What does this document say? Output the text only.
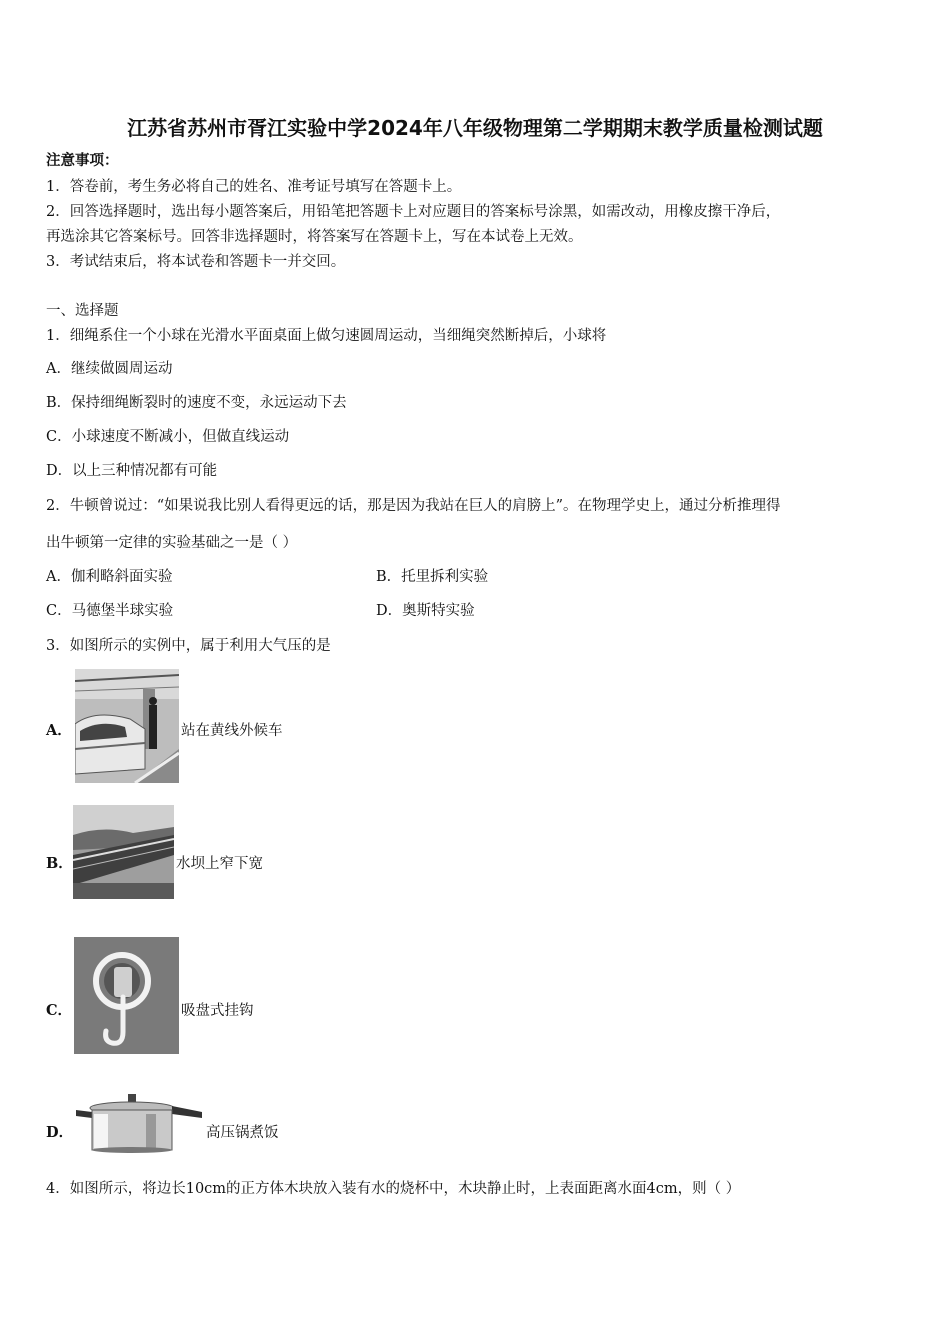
江苏省苏州市胥江实验中学2024年八年级物理第二学期期末教学质量检测试题
注意事项：
1．答卷前，考生务必将自己的姓名、准考证号填写在答题卡上。
2．回答选择题时，选出每小题答案后，用铅笔把答题卡上对应题目的答案标号涂黑，如需改动，用橡皮擦干净后，
再选涂其它答案标号。回答非选择题时，将答案写在答题卡上，写在本试卷上无效。
3．考试结束后，将本试卷和答题卡一并交回。
一、选择题
1．细绳系住一个小球在光滑水平面桌面上做匀速圆周运动，当细绳突然断掉后，小球将
A．继续做圆周运动
B．保持细绳断裂时的速度不变，永远运动下去
C．小球速度不断减小，但做直线运动
D．以上三种情况都有可能
2．牛顿曾说过：“如果说我比别人看得更远的话，那是因为我站在巨人的肩膀上”。在物理学史上，通过分析推理得
出牛顿第一定律的实验基础之一是（ ）
A．伽利略斜面实验	B．托里拆利实验
C．马德堡半球实验	D．奥斯特实验
3．如图所示的实例中，属于利用大气压的是
A．	站在黄线外候车
B．	水坝上窄下宽
C．	吸盘式挂钩
D．	高压锅煮饭
4．如图所示，将边长10cm的正方体木块放入装有水的烧杯中，木块静止时，上表面距离水面4cm，则（ ）
